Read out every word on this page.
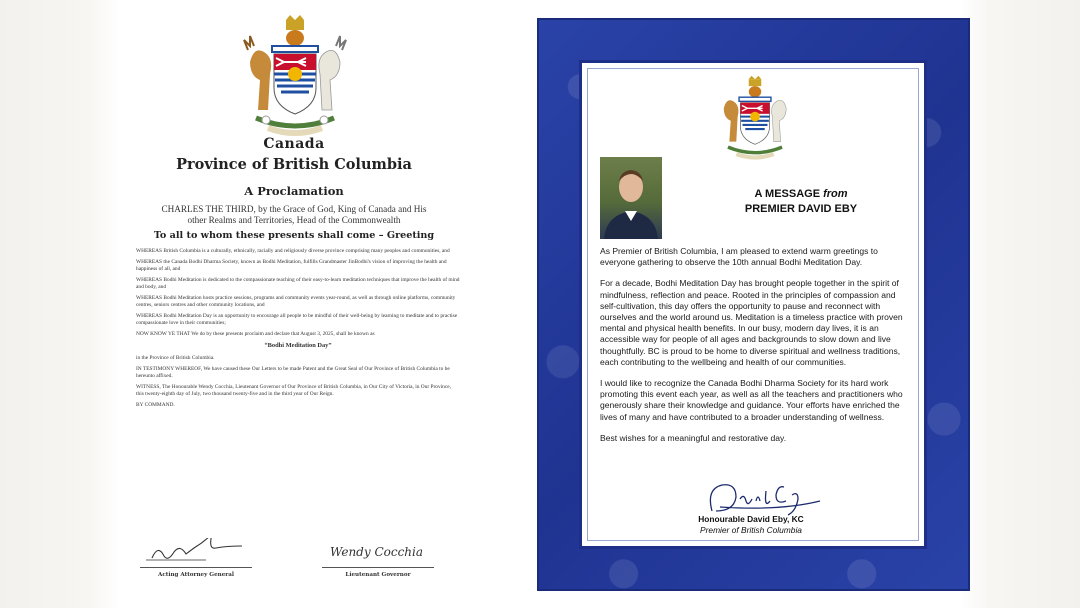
Canada
Province of British Columbia
A Proclamation
CHARLES THE THIRD, by the Grace of God, King of Canada and His other Realms and Territories, Head of the Commonwealth
To all to whom these presents shall come – Greeting

WHEREAS British Columbia is a culturally, ethnically, racially and religiously diverse province comprising many peoples and communities, and

WHEREAS the Canada Bodhi Dharma Society, known as Bodhi Meditation, fulfills Grandmaster JinBodhi's vision of improving the health and happiness of all, and

WHEREAS Bodhi Meditation is dedicated to the compassionate teaching of their easy-to-learn meditation techniques that improve the health of mind and body, and

WHEREAS Bodhi Meditation hosts practice sessions, programs and community events year-round, as well as through online platforms, community centres, seniors centres and other community locations, and

WHEREAS Bodhi Meditation Day is an opportunity to encourage all people to be mindful of their well-being by learning to meditate and to practise compassionate love in their communities;

NOW KNOW YE THAT We do by these presents proclaim and declare that August 3, 2025, shall be known as

“Bodhi Meditation Day”

in the Province of British Columbia.

IN TESTIMONY WHEREOF, We have caused these Our Letters to be made Patent and the Great Seal of Our Province of British Columbia to be hereunto affixed.

WITNESS, The Honourable Wendy Cocchia, Lieutenant Governor of Our Province of British Columbia, in Our City of Victoria, in Our Province, this twenty-eighth day of July, two thousand twenty-five and in the third year of Our Reign.

BY COMMAND.

Acting Attorney General
Wendy Cocchia
Lieutenant Governor
A MESSAGE from
PREMIER DAVID EBY

As Premier of British Columbia, I am pleased to extend warm greetings to everyone gathering to observe the 10th annual Bodhi Meditation Day.

For a decade, Bodhi Meditation Day has brought people together in the spirit of mindfulness, reflection and peace. Rooted in the principles of compassion and self-cultivation, this day offers the opportunity to pause and reconnect with ourselves and the world around us. Meditation is a timeless practice with proven mental and physical health benefits. In our busy, modern day lives, it is an accessible way for people of all ages and backgrounds to slow down and live thoughtfully. BC is proud to be home to diverse spiritual and wellness traditions, each contributing to the wellbeing and health of our communities.

I would like to recognize the Canada Bodhi Dharma Society for its hard work promoting this event each year, as well as all the teachers and practitioners who generously share their knowledge and guidance. Your efforts have enriched the lives of many and have contributed to a broader understanding of wellness.

Best wishes for a meaningful and restorative day.

Honourable David Eby, KC
Premier of British Columbia
